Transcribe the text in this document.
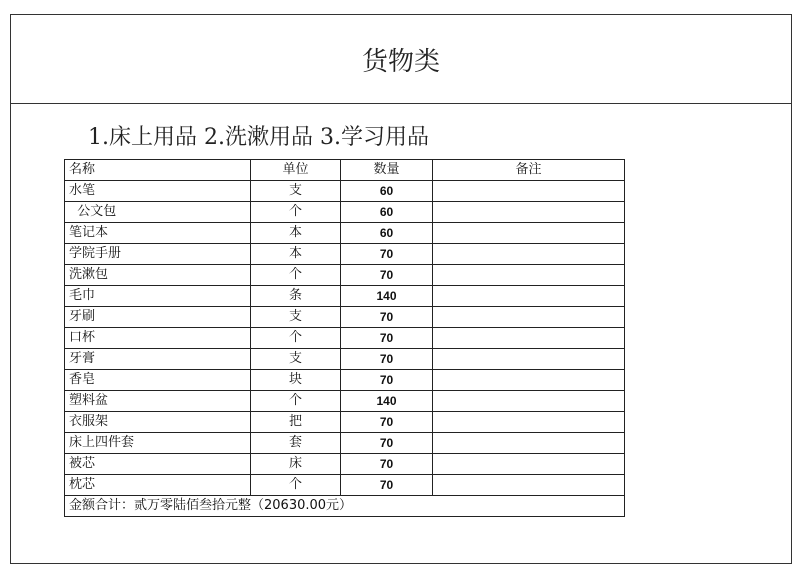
货物类
1.床上用品 2.洗漱用品 3.学习用品
名称	单位	数量	备注
水笔	支	60	
公文包	个	60	
笔记本	本	60	
学院手册	本	70	
洗漱包	个	70	
毛巾	条	140	
牙刷	支	70	
口杯	个	70	
牙膏	支	70	
香皂	块	70	
塑料盆	个	140	
衣服架	把	70	
床上四件套	套	70	
被芯	床	70	
枕芯	个	70	
金额合计：贰万零陆佰叁拾元整（20630.00元）			
